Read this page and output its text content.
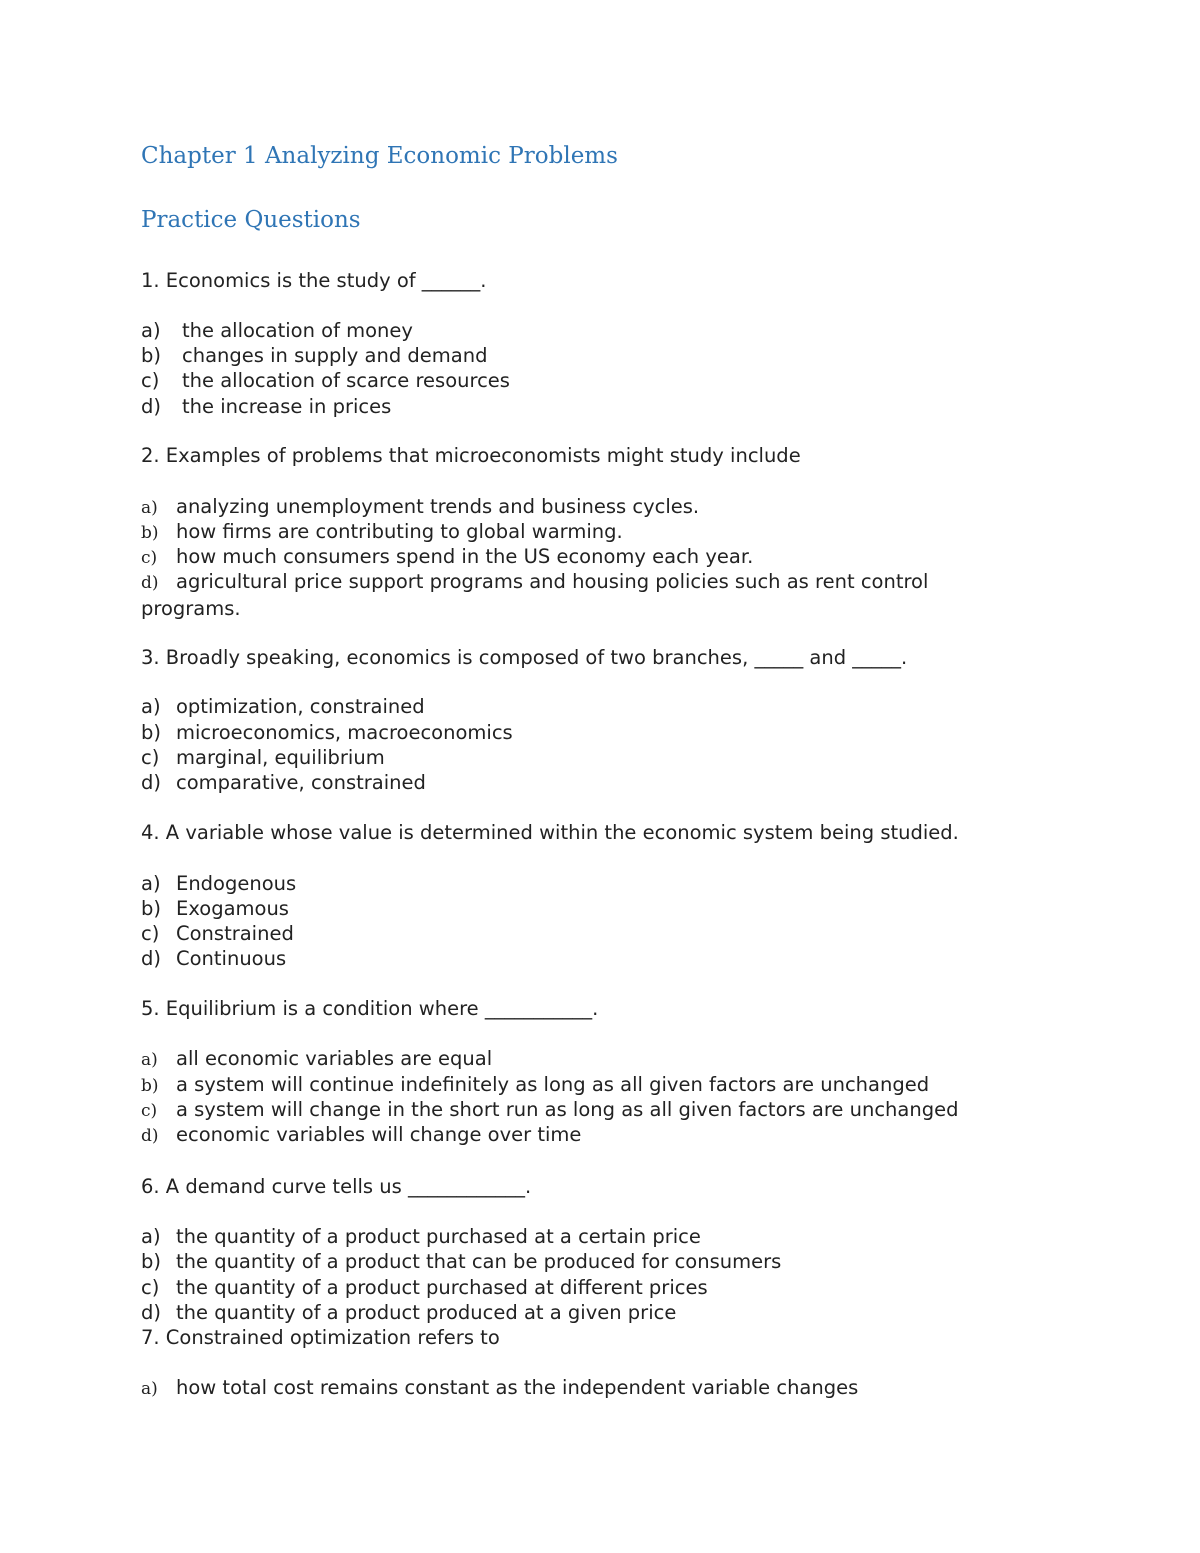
Chapter 1 Analyzing Economic Problems
Practice Questions

1. Economics is the study of ______.

a) the allocation of money

b) changes in supply and demand

c) the allocation of scarce resources

d) the increase in prices

2. Examples of problems that microeconomists might study include

a) analyzing unemployment trends and business cycles.

b) how firms are contributing to global warming.

c) how much consumers spend in the US economy each year.

d) agricultural price support programs and housing policies such as rent control programs.

3. Broadly speaking, economics is composed of two branches, _____ and _____.

a) optimization, constrained

b) microeconomics, macroeconomics

c) marginal, equilibrium

d) comparative, constrained

4. A variable whose value is determined within the economic system being studied.

a) Endogenous

b) Exogamous

c) Constrained

d) Continuous

5. Equilibrium is a condition where ___________.

a) all economic variables are equal

b) a system will continue indefinitely as long as all given factors are unchanged

c) a system will change in the short run as long as all given factors are unchanged

d) economic variables will change over time

6. A demand curve tells us ____________.

a) the quantity of a product purchased at a certain price

b) the quantity of a product that can be produced for consumers

c) the quantity of a product purchased at different prices

d) the quantity of a product produced at a given price

7. Constrained optimization refers to

a) how total cost remains constant as the independent variable changes
